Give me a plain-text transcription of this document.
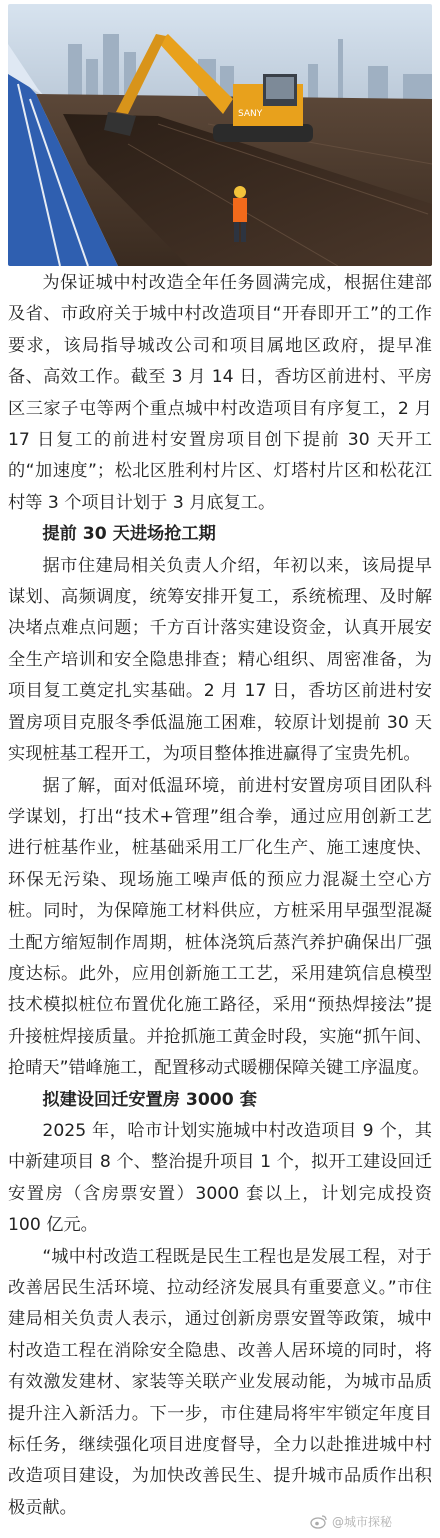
SANY

为保证城中村改造全年任务圆满完成，根据住建部及省、市政府关于城中村改造项目“开春即开工”的工作要求，该局指导城改公司和项目属地区政府，提早准备、高效工作。截至 3 月 14 日，香坊区前进村、平房区三家子屯等两个重点城中村改造项目有序复工，2 月 17 日复工的前进村安置房项目创下提前 30 天开工的“加速度”；松北区胜利村片区、灯塔村片区和松花江村等 3 个项目计划于 3 月底复工。

提前 30 天进场抢工期

据市住建局相关负责人介绍，年初以来，该局提早谋划、高频调度，统筹安排开复工，系统梳理、及时解决堵点难点问题；千方百计落实建设资金，认真开展安全生产培训和安全隐患排查；精心组织、周密准备，为项目复工奠定扎实基础。2 月 17 日，香坊区前进村安置房项目克服冬季低温施工困难，较原计划提前 30 天实现桩基工程开工，为项目整体推进赢得了宝贵先机。

据了解，面对低温环境，前进村安置房项目团队科学谋划，打出“技术+管理”组合拳，通过应用创新工艺进行桩基作业，桩基础采用工厂化生产、施工速度快、环保无污染、现场施工噪声低的预应力混凝土空心方桩。同时，为保障施工材料供应，方桩采用早强型混凝土配方缩短制作周期，桩体浇筑后蒸汽养护确保出厂强度达标。此外，应用创新施工工艺，采用建筑信息模型技术模拟桩位布置优化施工路径，采用“预热焊接法”提升接桩焊接质量。并抢抓施工黄金时段，实施“抓午间、抢晴天”错峰施工，配置移动式暖棚保障关键工序温度。

拟建设回迁安置房 3000 套

2025 年，哈市计划实施城中村改造项目 9 个，其中新建项目 8 个、整治提升项目 1 个，拟开工建设回迁安置房（含房票安置）3000 套以上，计划完成投资 100 亿元。

“城中村改造工程既是民生工程也是发展工程，对于改善居民生活环境、拉动经济发展具有重要意义。”市住建局相关负责人表示，通过创新房票安置等政策，城中村改造工程在消除安全隐患、改善人居环境的同时，将有效激发建材、家装等关联产业发展动能，为城市品质提升注入新活力。下一步，市住建局将牢牢锁定年度目标任务，继续强化项目进度督导，全力以赴推进城中村改造项目建设，为加快改善民生、提升城市品质作出积极贡献。

@城市探秘
